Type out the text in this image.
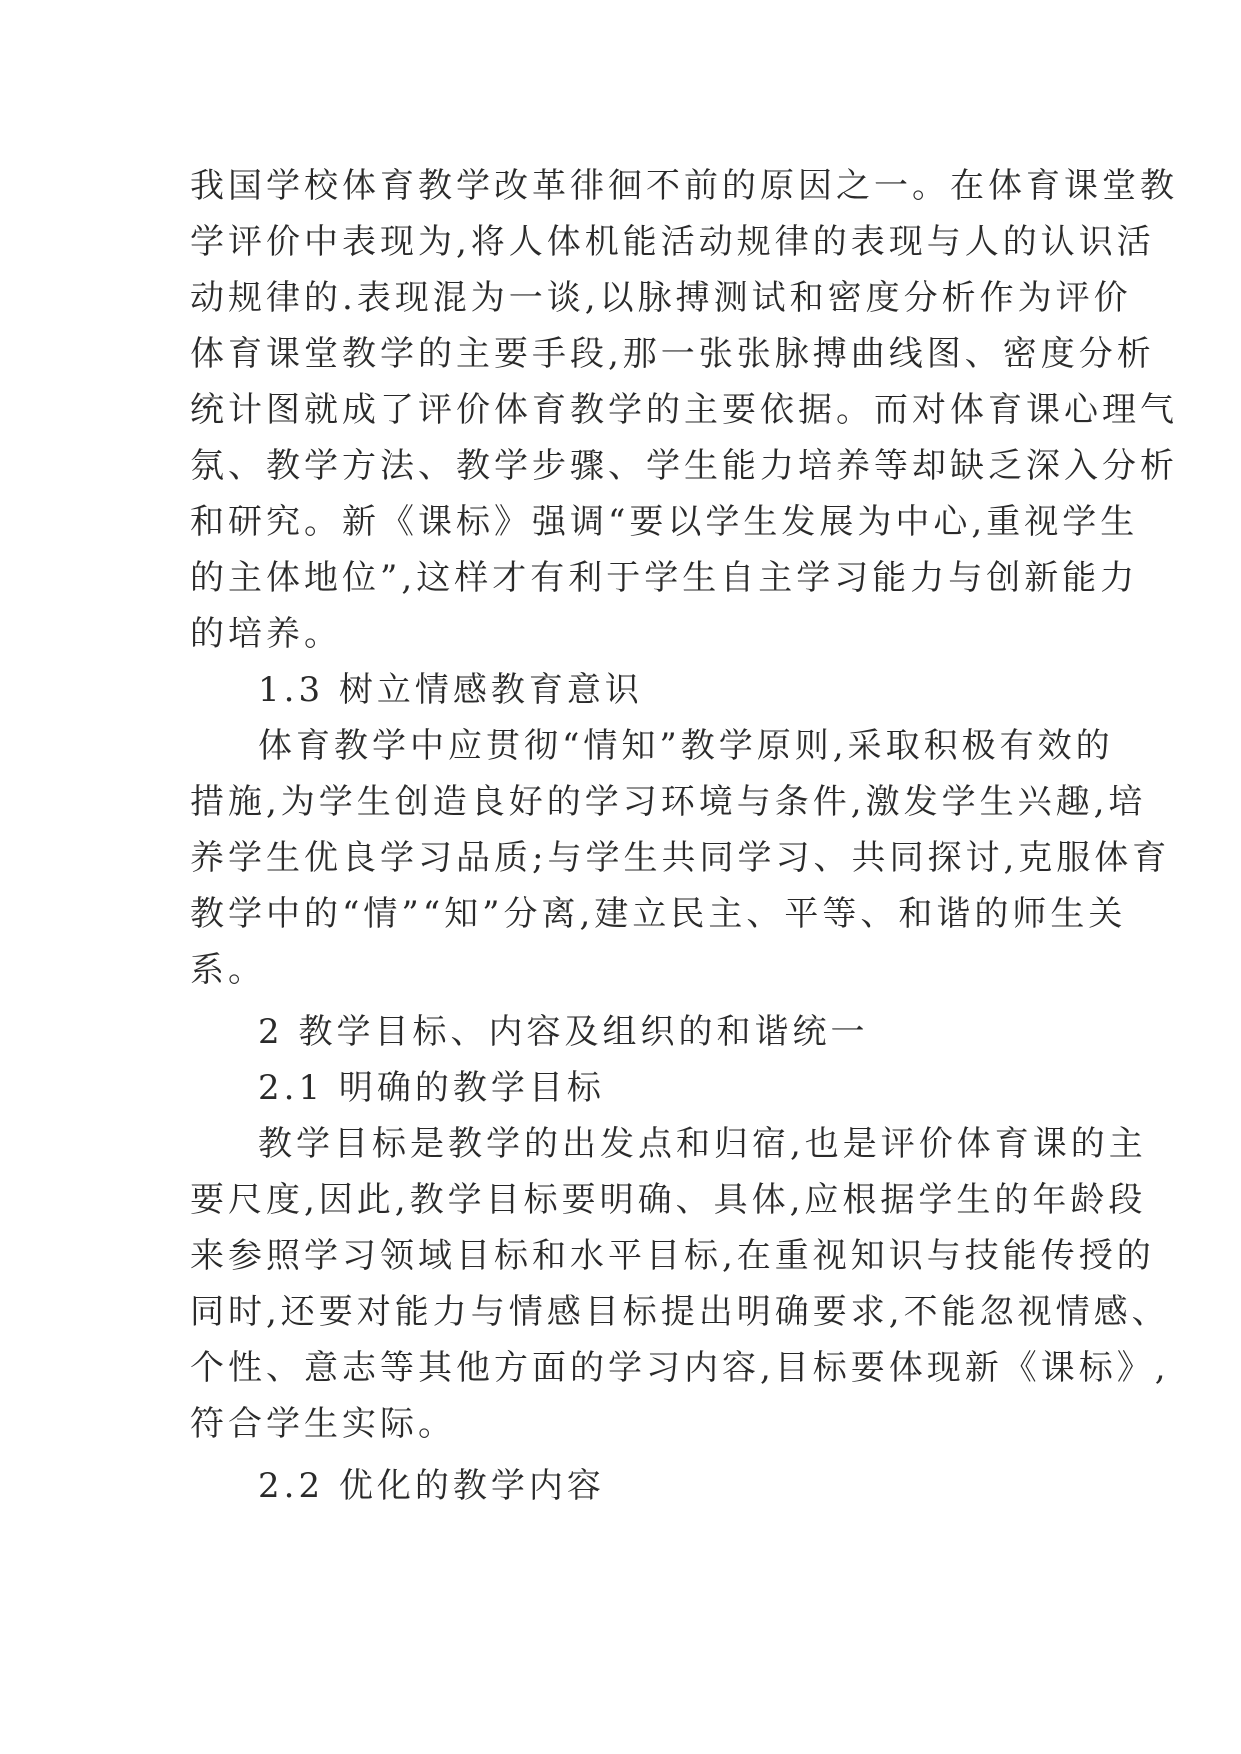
我国学校体育教学改革徘徊不前的原因之一。在体育课堂教
学评价中表现为,将人体机能活动规律的表现与人的认识活
动规律的.表现混为一谈,以脉搏测试和密度分析作为评价
体育课堂教学的主要手段,那一张张脉搏曲线图、密度分析
统计图就成了评价体育教学的主要依据。而对体育课心理气
氛、教学方法、教学步骤、学生能力培养等却缺乏深入分析
和研究。新《课标》强调“要以学生发展为中心,重视学生
的主体地位”,这样才有利于学生自主学习能力与创新能力
的培养。
1.3 树立情感教育意识
体育教学中应贯彻“情知”教学原则,采取积极有效的
措施,为学生创造良好的学习环境与条件,激发学生兴趣,培
养学生优良学习品质;与学生共同学习、共同探讨,克服体育
教学中的“情”“知”分离,建立民主、平等、和谐的师生关
系。
2 教学目标、内容及组织的和谐统一
2.1 明确的教学目标
教学目标是教学的出发点和归宿,也是评价体育课的主
要尺度,因此,教学目标要明确、具体,应根据学生的年龄段
来参照学习领域目标和水平目标,在重视知识与技能传授的
同时,还要对能力与情感目标提出明确要求,不能忽视情感、
个性、意志等其他方面的学习内容,目标要体现新《课标》,
符合学生实际。
2.2 优化的教学内容
